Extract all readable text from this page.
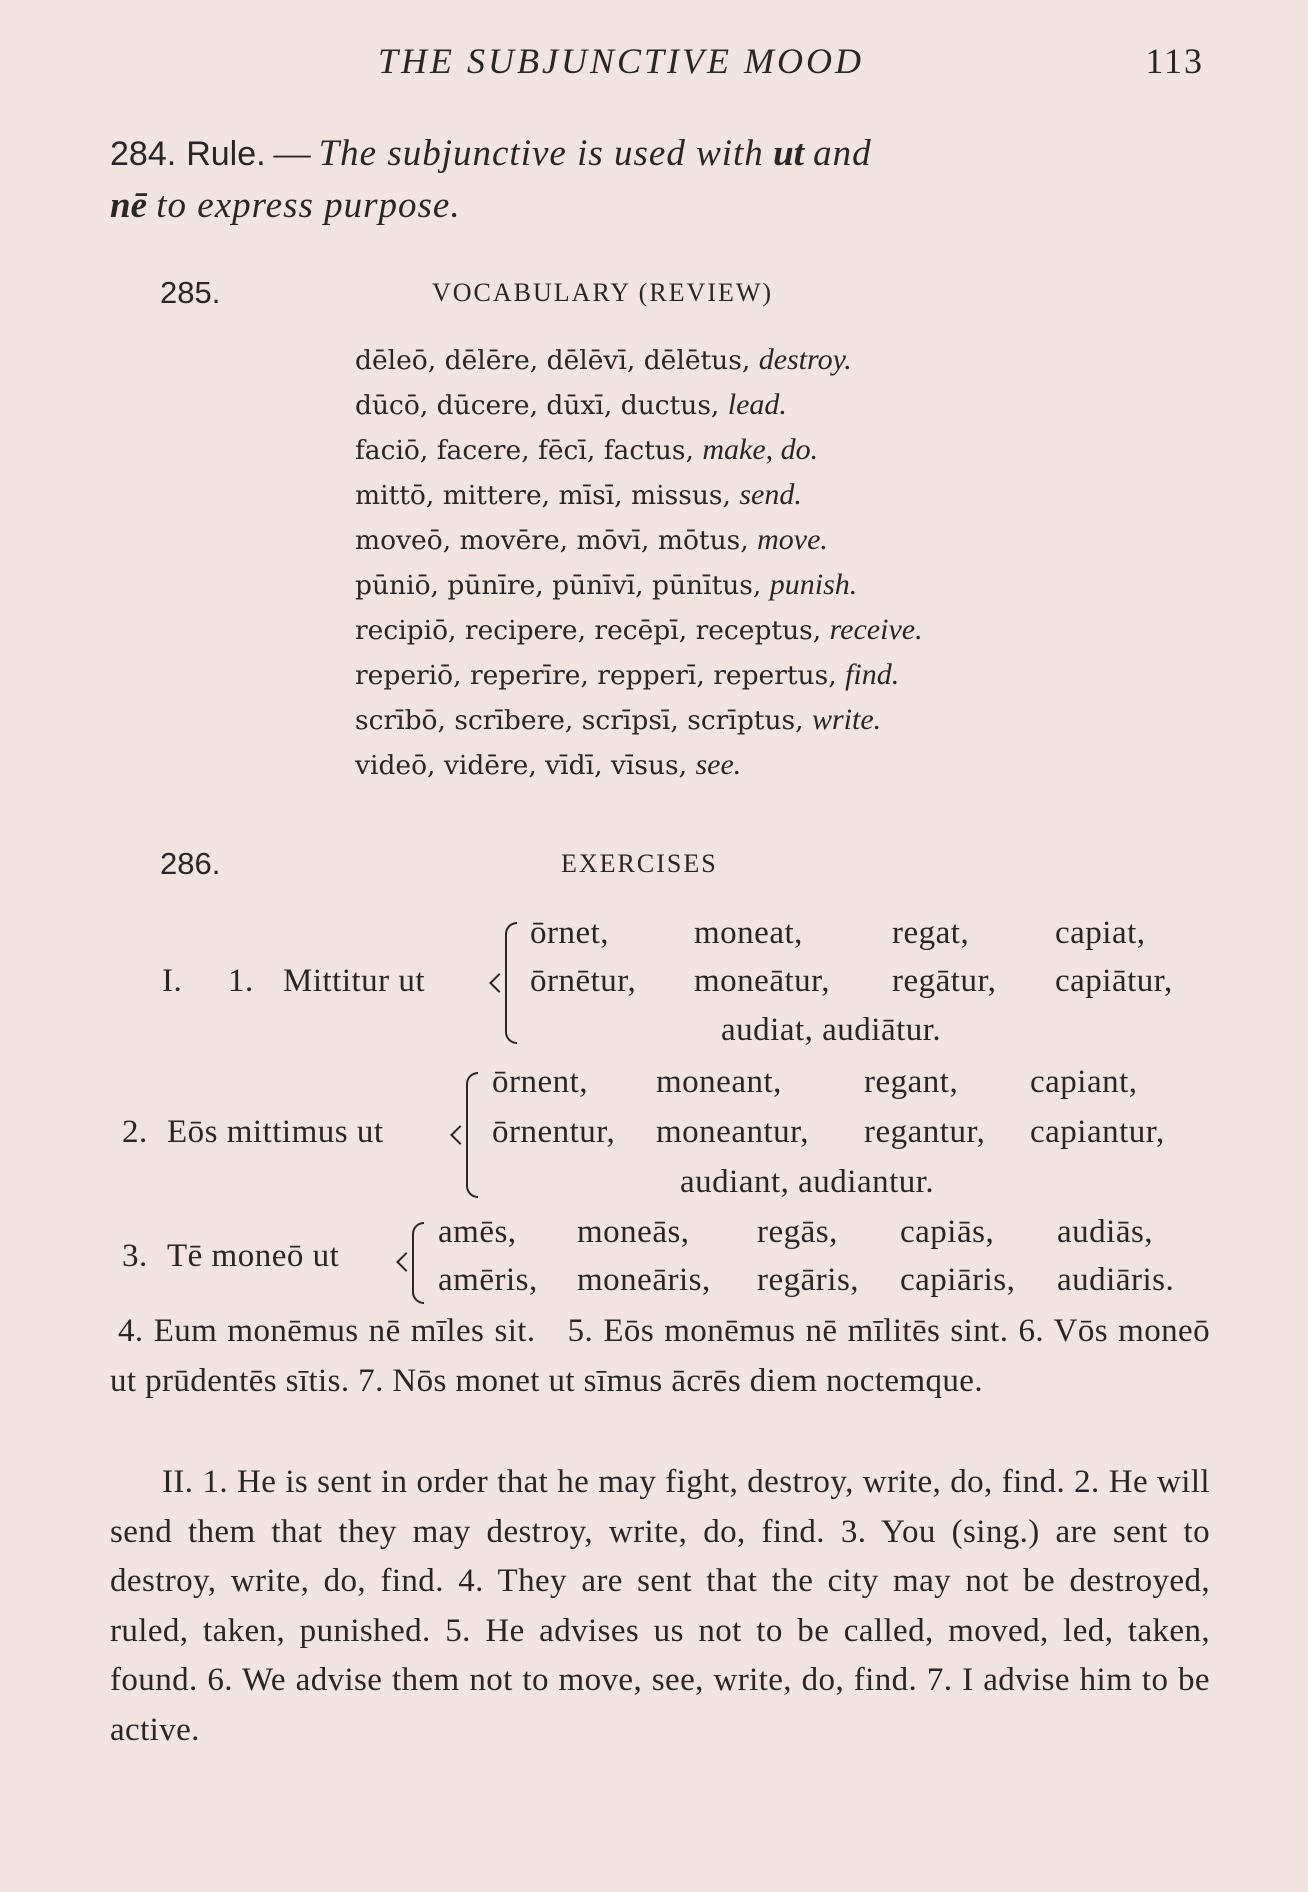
THE SUBJUNCTIVE MOOD	113
284. Rule. — The subjunctive is used with ut and
nē to express purpose.
285.	VOCABULARY (REVIEW)
dēleō, dēlēre, dēlēvī, dēlētus, destroy.
dūcō, dūcere, dūxī, ductus, lead.
faciō, facere, fēcī, factus, make, do.
mittō, mittere, mīsī, missus, send.
moveō, movēre, mōvī, mōtus, move.
pūniō, pūnīre, pūnīvī, pūnītus, punish.
recipiō, recipere, recēpī, receptus, receive.
reperiō, reperīre, repperī, repertus, find.
scrībō, scrībere, scrīpsī, scrīptus, write.
videō, vidēre, vīdī, vīsus, see.
286.	EXERCISES
I. 1. Mittitur ut
ōrnet,	moneat,	regat,	capiat,
ōrnētur, moneātur, regātur, capiātur,
audiat, audiātur.
2. Eōs mittimus ut
ōrnent, moneant, regant, capiant,
ōrnentur, moneantur, regantur, capiantur,
audiant, audiantur.
3. Tē moneō ut
amēs, moneās, regās, capiās, audiās,
amēris, moneāris, regāris, capiāris, audiāris.

4. Eum monēmus nē mīles sit. 5. Eōs monēmus nē mīlitēs sint. 6. Vōs moneō ut prūdentēs sītis. 7. Nōs monet ut sīmus ācrēs diem noctemque.

II. 1. He is sent in order that he may fight, destroy, write, do, find. 2. He will send them that they may destroy, write, do, find. 3. You (sing.) are sent to destroy, write, do, find. 4. They are sent that the city may not be destroyed, ruled, taken, punished. 5. He advises us not to be called, moved, led, taken, found. 6. We advise them not to move, see, write, do, find. 7. I advise him to be active.
